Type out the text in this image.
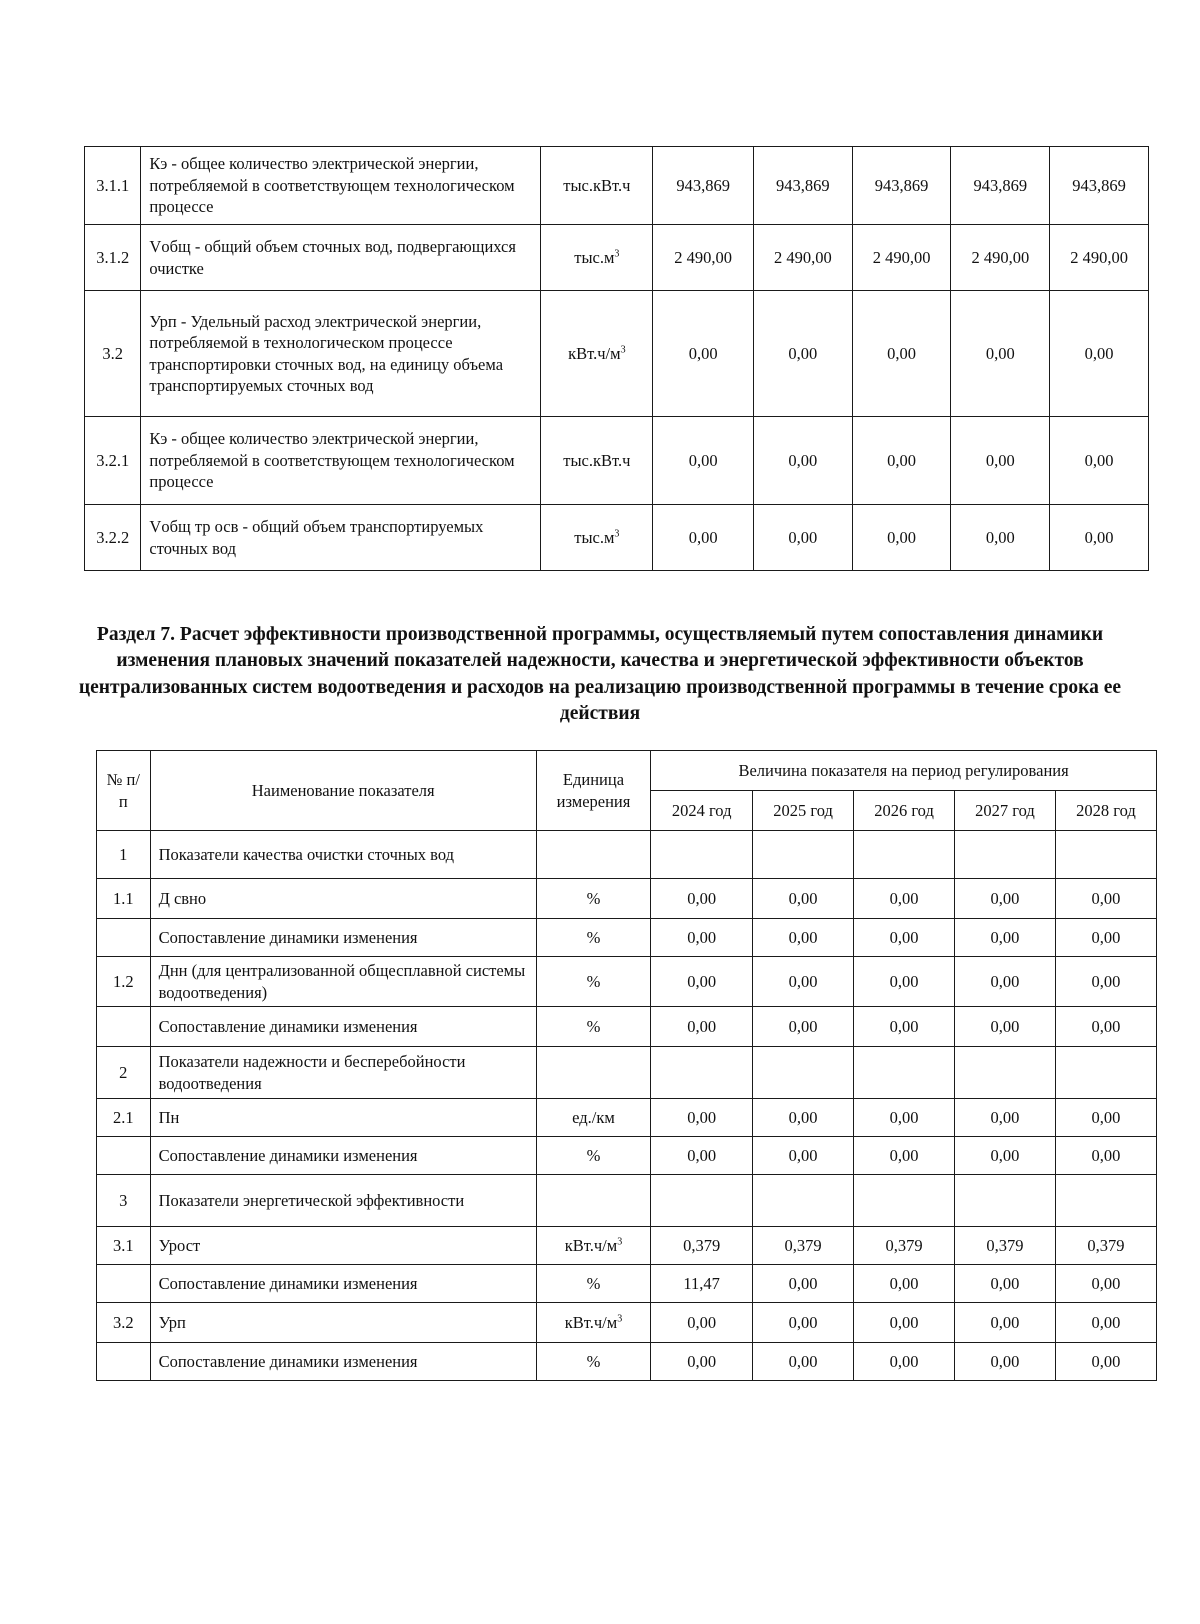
3.1.1	Кэ - общее количество электрической энергии, потребляемой в соответствующем технологическом процессе	тыс.кВт.ч	943,869	943,869	943,869	943,869	943,869
3.1.2	Vобщ - общий объем сточных вод, подвергающихся очистке	$тыс.м^3$	2 490,00	2 490,00	2 490,00	2 490,00	2 490,00
3.2	Урп - Удельный расход электрической энергии, потребляемой в технологическом процессе транспортировки сточных вод, на единицу объема транспортируемых сточных вод	$кВт.ч/м^3$	0,00	0,00	0,00	0,00	0,00
3.2.1	Кэ - общее количество электрической энергии, потребляемой в соответствующем технологическом процессе	тыс.кВт.ч	0,00	0,00	0,00	0,00	0,00
3.2.2	Vобщ тр осв - общий объем транспортируемых сточных вод	$тыс.м^3$	0,00	0,00	0,00	0,00	0,00
Раздел 7. Расчет эффективности производственной программы, осуществляемый путем сопоставления динамики изменения плановых значений показателей надежности, качества и энергетической эффективности объектов централизованных систем водоотведения и расходов на реализацию производственной программы в течение срока ее действия
№ п/п	Наименование показателя	Единица измерения	Величина показателя на период регулирования				
			2024 год	2025 год	2026 год	2027 год	2028 год
1	Показатели качества очистки сточных вод						
1.1	Д свно	%	0,00	0,00	0,00	0,00	0,00
	Сопоставление динамики изменения	%	0,00	0,00	0,00	0,00	0,00
1.2	Днн (для централизованной общесплавной системы водоотведения)	%	0,00	0,00	0,00	0,00	0,00
	Сопоставление динамики изменения	%	0,00	0,00	0,00	0,00	0,00
2	Показатели надежности и бесперебойности водоотведения						
2.1	Пн	ед./км	0,00	0,00	0,00	0,00	0,00
	Сопоставление динамики изменения	%	0,00	0,00	0,00	0,00	0,00
3	Показатели энергетической эффективности						
3.1	Урост	$кВт.ч/м^3$	0,379	0,379	0,379	0,379	0,379
	Сопоставление динамики изменения	%	11,47	0,00	0,00	0,00	0,00
3.2	Урп	$кВт.ч/м^3$	0,00	0,00	0,00	0,00	0,00
	Сопоставление динамики изменения	%	0,00	0,00	0,00	0,00	0,00
